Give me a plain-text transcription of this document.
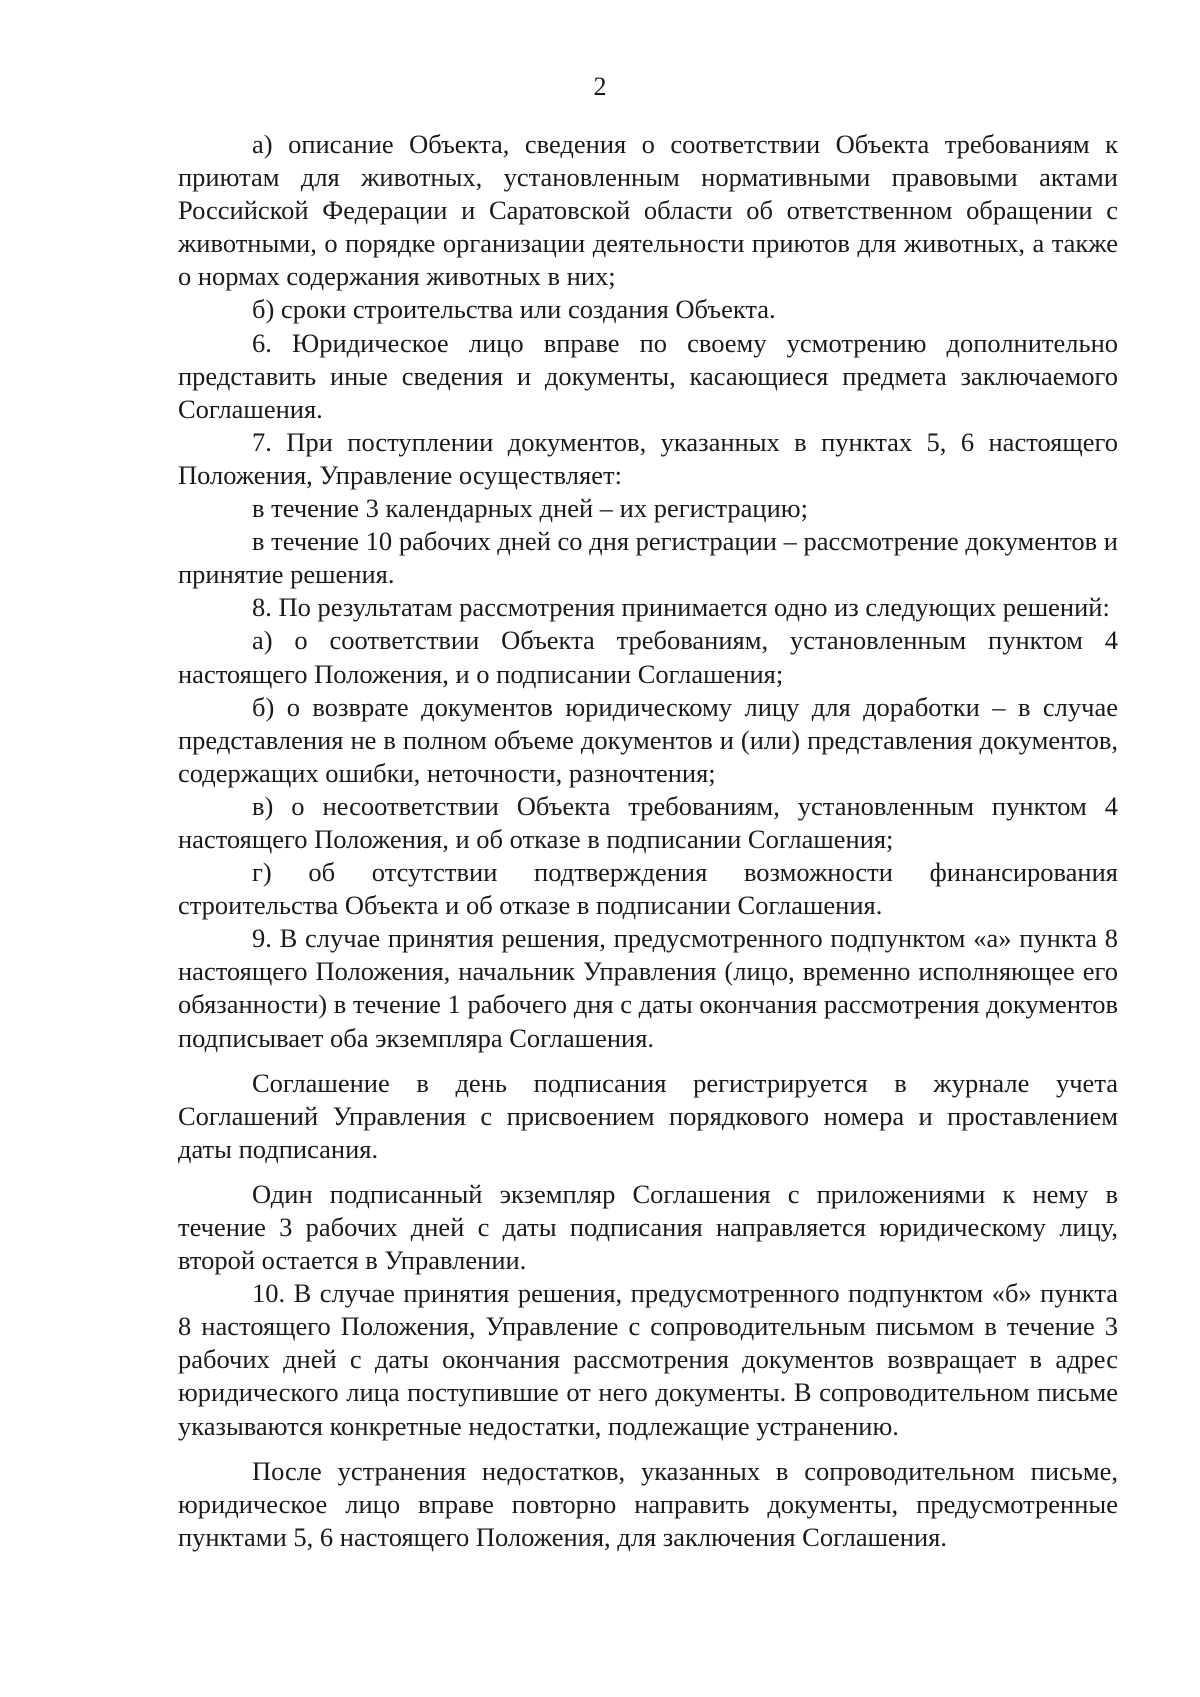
2

а) описание Объекта, сведения о соответствии Объекта требованиям к приютам для животных, установленным нормативными правовыми актами Российской Федерации и Саратовской области об ответственном обращении с животными, о порядке организации деятельности приютов для животных, а также о нормах содержания животных в них;

б) сроки строительства или создания Объекта.

6. Юридическое лицо вправе по своему усмотрению дополнительно представить иные сведения и документы, касающиеся предмета заключаемого Соглашения.

7. При поступлении документов, указанных в пунктах 5, 6 настоящего Положения, Управление осуществляет:

в течение 3 календарных дней – их регистрацию;

в течение 10 рабочих дней со дня регистрации – рассмотрение документов и принятие решения.

8. По результатам рассмотрения принимается одно из следующих решений:

а) о соответствии Объекта требованиям, установленным пунктом 4 настоящего Положения, и о подписании Соглашения;

б) о возврате документов юридическому лицу для доработки – в случае представления не в полном объеме документов и (или) представления документов, содержащих ошибки, неточности, разночтения;

в) о несоответствии Объекта требованиям, установленным пунктом 4 настоящего Положения, и об отказе в подписании Соглашения;

г) об отсутствии подтверждения возможности финансирования строительства Объекта и об отказе в подписании Соглашения.

9. В случае принятия решения, предусмотренного подпунктом «а» пункта 8 настоящего Положения, начальник Управления (лицо, временно исполняющее его обязанности) в течение 1 рабочего дня с даты окончания рассмотрения документов подписывает оба экземпляра Соглашения.

Соглашение в день подписания регистрируется в журнале учета Соглашений Управления с присвоением порядкового номера и проставлением даты подписания.

Один подписанный экземпляр Соглашения с приложениями к нему в течение 3 рабочих дней с даты подписания направляется юридическому лицу, второй остается в Управлении.

10. В случае принятия решения, предусмотренного подпунктом «б» пункта 8 настоящего Положения, Управление с сопроводительным письмом в течение 3 рабочих дней с даты окончания рассмотрения документов возвращает в адрес юридического лица поступившие от него документы. В сопроводительном письме указываются конкретные недостатки, подлежащие устранению.

После устранения недостатков, указанных в сопроводительном письме, юридическое лицо вправе повторно направить документы, предусмотренные пунктами 5, 6 настоящего Положения, для заключения Соглашения.
